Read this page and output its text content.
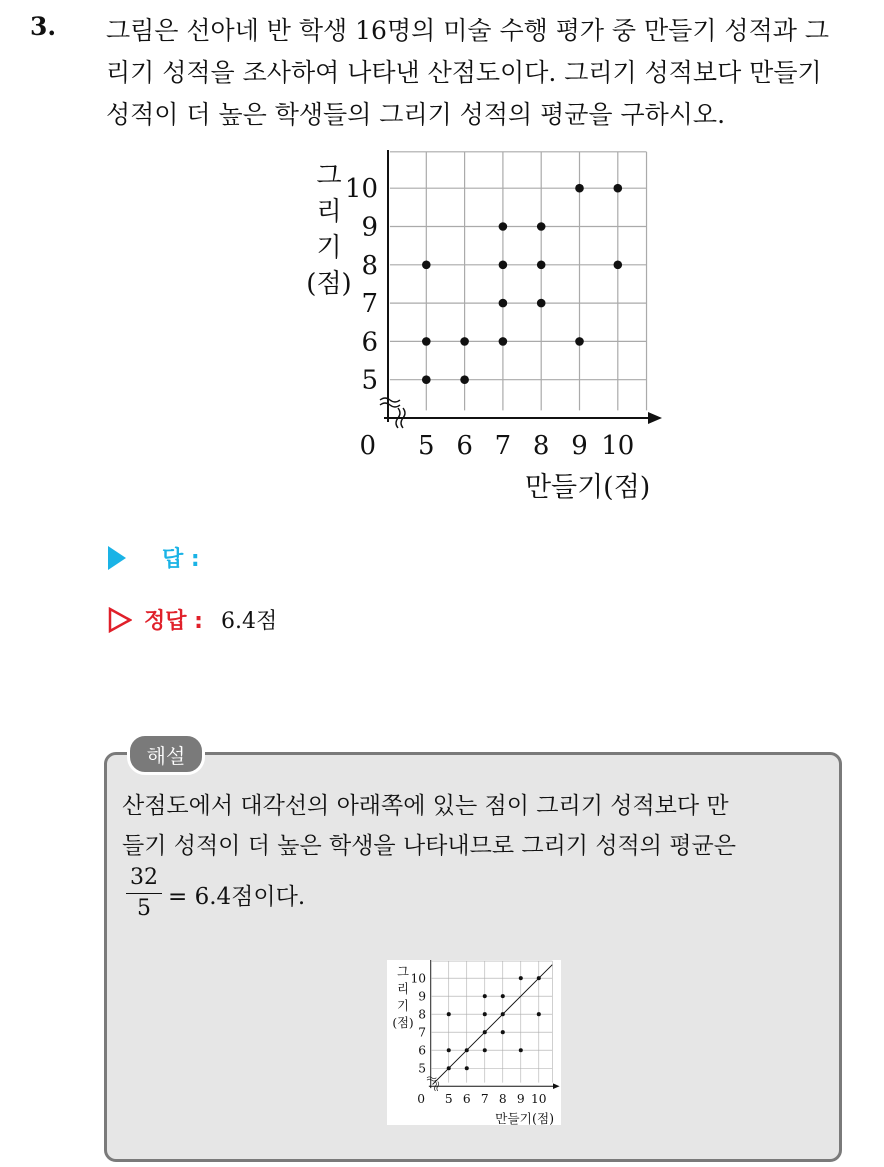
3. 그림은 선아네 반 학생 16명의 미술 수행 평가 중 만들기 성적과 그
리기 성적을 조사하여 나타낸 산점도이다. 그리기 성적보다 만들기
성적이 더 높은 학생들의 그리기 성적의 평균을 구하시오.
5 6 7 8 9 10
5
6
7
8
9
10
0
만들기(점)
그
리
기
(점)
답 :
정답 : 6.4점
해설
산점도에서 대각선의 아래쪽에 있는 점이 그리기 성적보다 만
들기 성적이 더 높은 학생을 나타내므로 그리기 성적의 평균은
$\frac{32}{5} = 6.4$점이다.
5 6 7 8 9 10
5
6
7
8
9
10
0
만들기(점)
그
리
기
(점)
